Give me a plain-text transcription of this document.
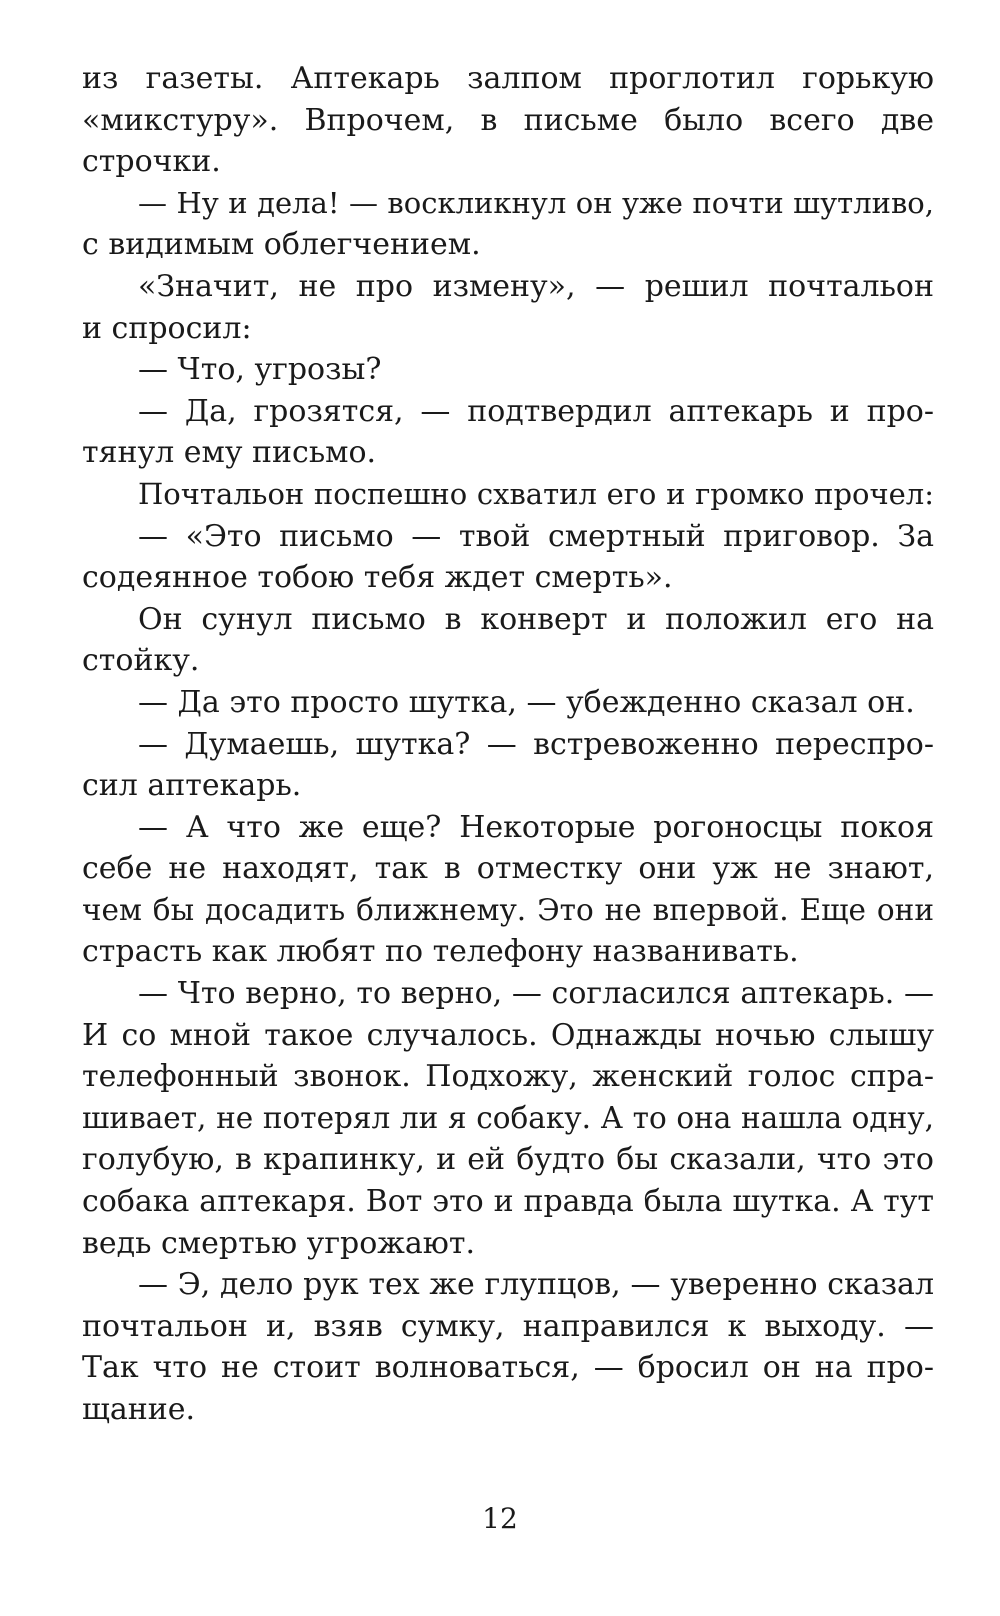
из газеты. Аптекарь залпом проглотил горькую
«микстуру». Впрочем, в письме было всего две
строчки.
— Ну и дела! — воскликнул он уже почти шутливо,
с видимым облегчением.
«Значит, не про измену», — решил почтальон
и спросил:
— Что, угрозы?
— Да, грозятся, — подтвердил аптекарь и про-
тянул ему письмо.
Почтальон поспешно схватил его и громко прочел:
— «Это письмо — твой смертный приговор. За
содеянное тобою тебя ждет смерть».
Он сунул письмо в конверт и положил его на
стойку.
— Да это просто шутка, — убежденно сказал он.
— Думаешь, шутка? — встревоженно переспро-
сил аптекарь.
— А что же еще? Некоторые рогоносцы покоя
себе не находят, так в отместку они уж не знают,
чем бы досадить ближнему. Это не впервой. Еще они
страсть как любят по телефону названивать.
— Что верно, то верно, — согласился аптекарь. —
И со мной такое случалось. Однажды ночью слышу
телефонный звонок. Подхожу, женский голос спра-
шивает, не потерял ли я собаку. А то она нашла одну,
голубую, в крапинку, и ей будто бы сказали, что это
собака аптекаря. Вот это и правда была шутка. А тут
ведь смертью угрожают.
— Э, дело рук тех же глупцов, — уверенно сказал
почтальон и, взяв сумку, направился к выходу. —
Так что не стоит волноваться, — бросил он на про-
щание.
12
